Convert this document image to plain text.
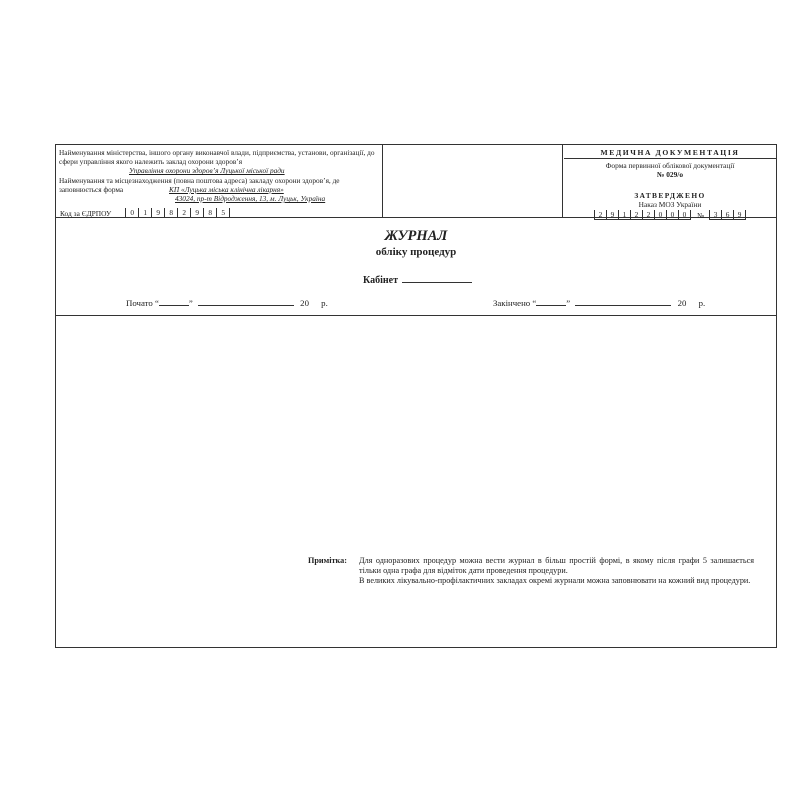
Найменування міністерства, іншого органу виконавчої влади, підприємства, установи, організації, до сфери управління якого належить заклад охорони здоров’я
Управління охорони здоров’я Луцької міської ради
Найменування та місцезнаходження (повна поштова адреса) закладу охорони здоров’я, де заповнюється форма	КП «Луцька міська клінічна лікарня»
43024, пр-т Відродження, 13, м. Луцьк, Україна
Код за ЄДРПОУ	0	1	9	8	2	9	8	5
МЕДИЧНА ДОКУМЕНТАЦІЯ
Форма первинної облікової документації
№ 029/о
ЗАТВЕРДЖЕНО
Наказ МОЗ України
2	9	1	2	2	0	0	0	№	3	6	9
ЖУРНАЛ
обліку процедур
Кабінет
Почато “	”	20 р.	Закінчено “	”	20 р.
Примітка:	Для одноразових процедур можна вести журнал в більш простій формі, в якому після графи 5 залишається тільки одна графа для відміток дати проведення процедури.
В великих лікувально-профілактичних закладах окремі журнали можна заповнювати на кожний вид процедури.
